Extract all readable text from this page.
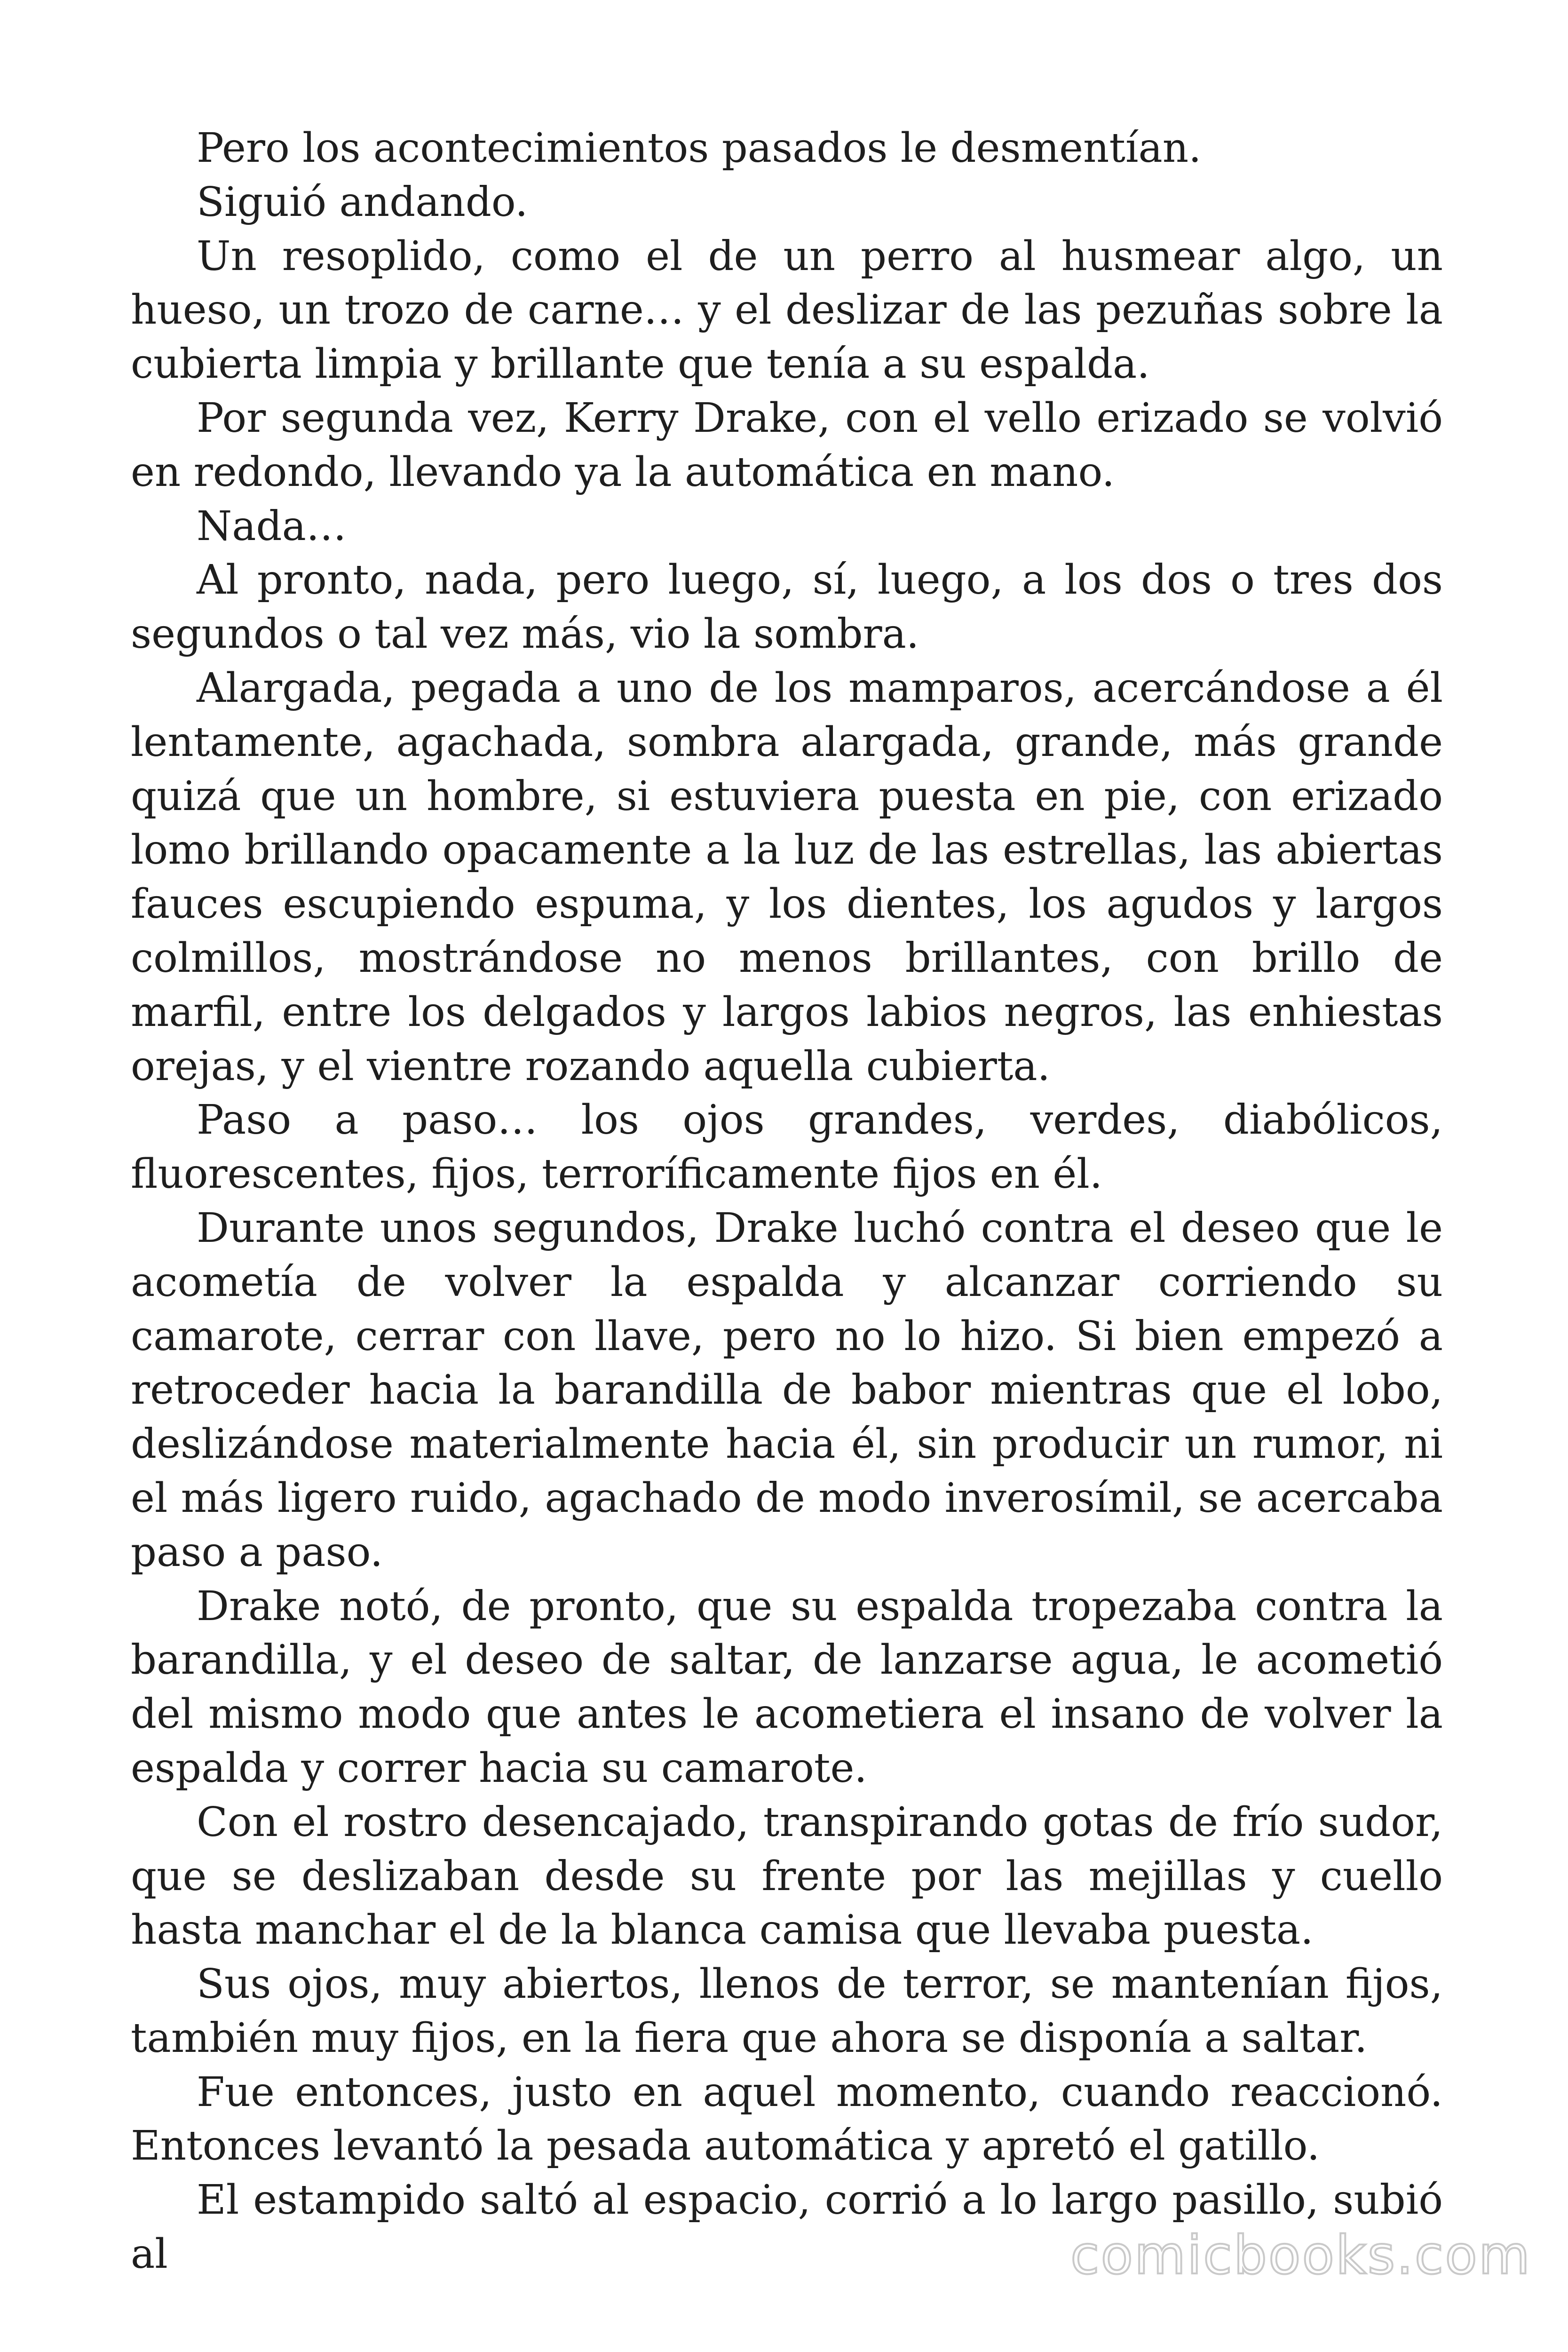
Pero los acontecimientos pasados le desmentían.

Siguió andando.

Un resoplido, como el de un perro al husmear algo, un hueso, un trozo de carne… y el deslizar de las pezuñas sobre la cubierta limpia y brillante que tenía a su espalda.

Por segunda vez, Kerry Drake, con el vello erizado se volvió en redondo, llevando ya la automática en mano.

Nada…

Al pronto, nada, pero luego, sí, luego, a los dos o tres dos segundos o tal vez más, vio la sombra.

Alargada, pegada a uno de los mamparos, acercándose a él lentamente, agachada, sombra alargada, grande, más grande quizá que un hombre, si estuviera puesta en pie, con erizado lomo brillando opacamente a la luz de las estrellas, las abiertas fauces escupiendo espuma, y los dientes, los agudos y largos colmillos, mostrándose no menos brillantes, con brillo de marfil, entre los delgados y largos labios negros, las enhiestas orejas, y el vientre rozando aquella cubierta.

Paso a paso… los ojos grandes, verdes, diabólicos, fluorescentes, fijos, terroríficamente fijos en él.

Durante unos segundos, Drake luchó contra el deseo que le acometía de volver la espalda y alcanzar corriendo su camarote, cerrar con llave, pero no lo hizo. Si bien empezó a retroceder hacia la barandilla de babor mientras que el lobo, deslizándose materialmente hacia él, sin producir un rumor, ni el más ligero ruido, agachado de modo inverosímil, se acercaba paso a paso.

Drake notó, de pronto, que su espalda tropezaba contra la barandilla, y el deseo de saltar, de lanzarse agua, le acometió del mismo modo que antes le acometiera el insano de volver la espalda y correr hacia su camarote.

Con el rostro desencajado, transpirando gotas de frío sudor, que se deslizaban desde su frente por las mejillas y cuello hasta manchar el de la blanca camisa que llevaba puesta.

Sus ojos, muy abiertos, llenos de terror, se mantenían fijos, también muy fijos, en la fiera que ahora se disponía a saltar.

Fue entonces, justo en aquel momento, cuando reaccionó. Entonces levantó la pesada automática y apretó el gatillo.

El estampido saltó al espacio, corrió a lo largo pasillo, subió al	comicbooks.com
